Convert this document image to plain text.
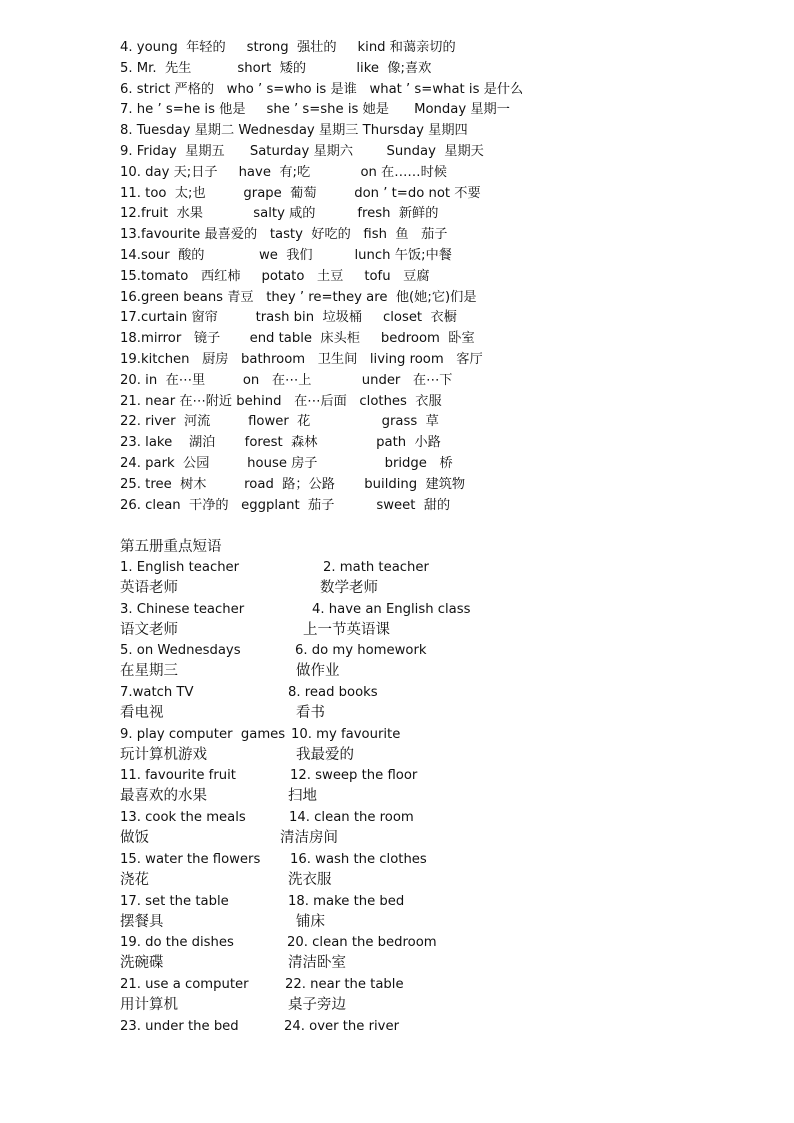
4. young  年轻的     strong  强壮的     kind 和蔼亲切的
5. Mr.  先生           short  矮的            like  像;喜欢
6. strict 严格的   who ’ s=who is 是谁   what ’ s=what is 是什么
7. he ’ s=he is 他是     she ’ s=she is 她是      Monday 星期一
8. Tuesday 星期二 Wednesday 星期三 Thursday 星期四
9. Friday  星期五      Saturday 星期六        Sunday  星期天
10. day 天;日子     have  有;吃            on 在……时候
11. too  太;也         grape  葡萄         don ’ t=do not 不要
12.fruit  水果            salty 咸的          fresh  新鲜的
13.favourite 最喜爱的   tasty  好吃的   fish  鱼   茄子
14.sour  酸的             we  我们          lunch 午饭;中餐
15.tomato   西红柿     potato   土豆     tofu   豆腐
16.green beans 青豆   they ’ re=they are  他(她;它)们是
17.curtain 窗帘         trash bin  垃圾桶     closet  衣橱
18.mirror   镜子       end table  床头柜     bedroom  卧室
19.kitchen   厨房   bathroom   卫生间   living room   客厅
20. in  在⋯里         on   在⋯上            under   在⋯下
21. near 在⋯附近 behind   在⋯后面   clothes  衣服
22. river  河流         flower  花                 grass  草
23. lake    湖泊       forest  森林              path  小路
24. park  公园         house 房子                bridge   桥
25. tree  树木         road  路；公路       building  建筑物
26. clean  干净的   eggplant  茄子          sweet  甜的
第五册重点短语
1. English teacher	2. math teacher
英语老师	数学老师
3. Chinese teacher	4. have an English class
语文老师	上一节英语课
5. on Wednesdays	6. do my homework
在星期三	做作业
7.watch TV	8. read books
看电视	看书
9. play computer  games 10. my favourite
玩计算机游戏	我最爱的
11. favourite fruit	12. sweep the floor
最喜欢的水果	扫地
13. cook the meals	14. clean the room
做饭	清洁房间
15. water the flowers 16. wash the clothes
浇花	洗衣服
17. set the table	18. make the bed
摆餐具	铺床
19. do the dishes	20. clean the bedroom
洗碗碟	清洁卧室
21. use a computer	22. near the table
用计算机	桌子旁边
23. under the bed	24. over the river
